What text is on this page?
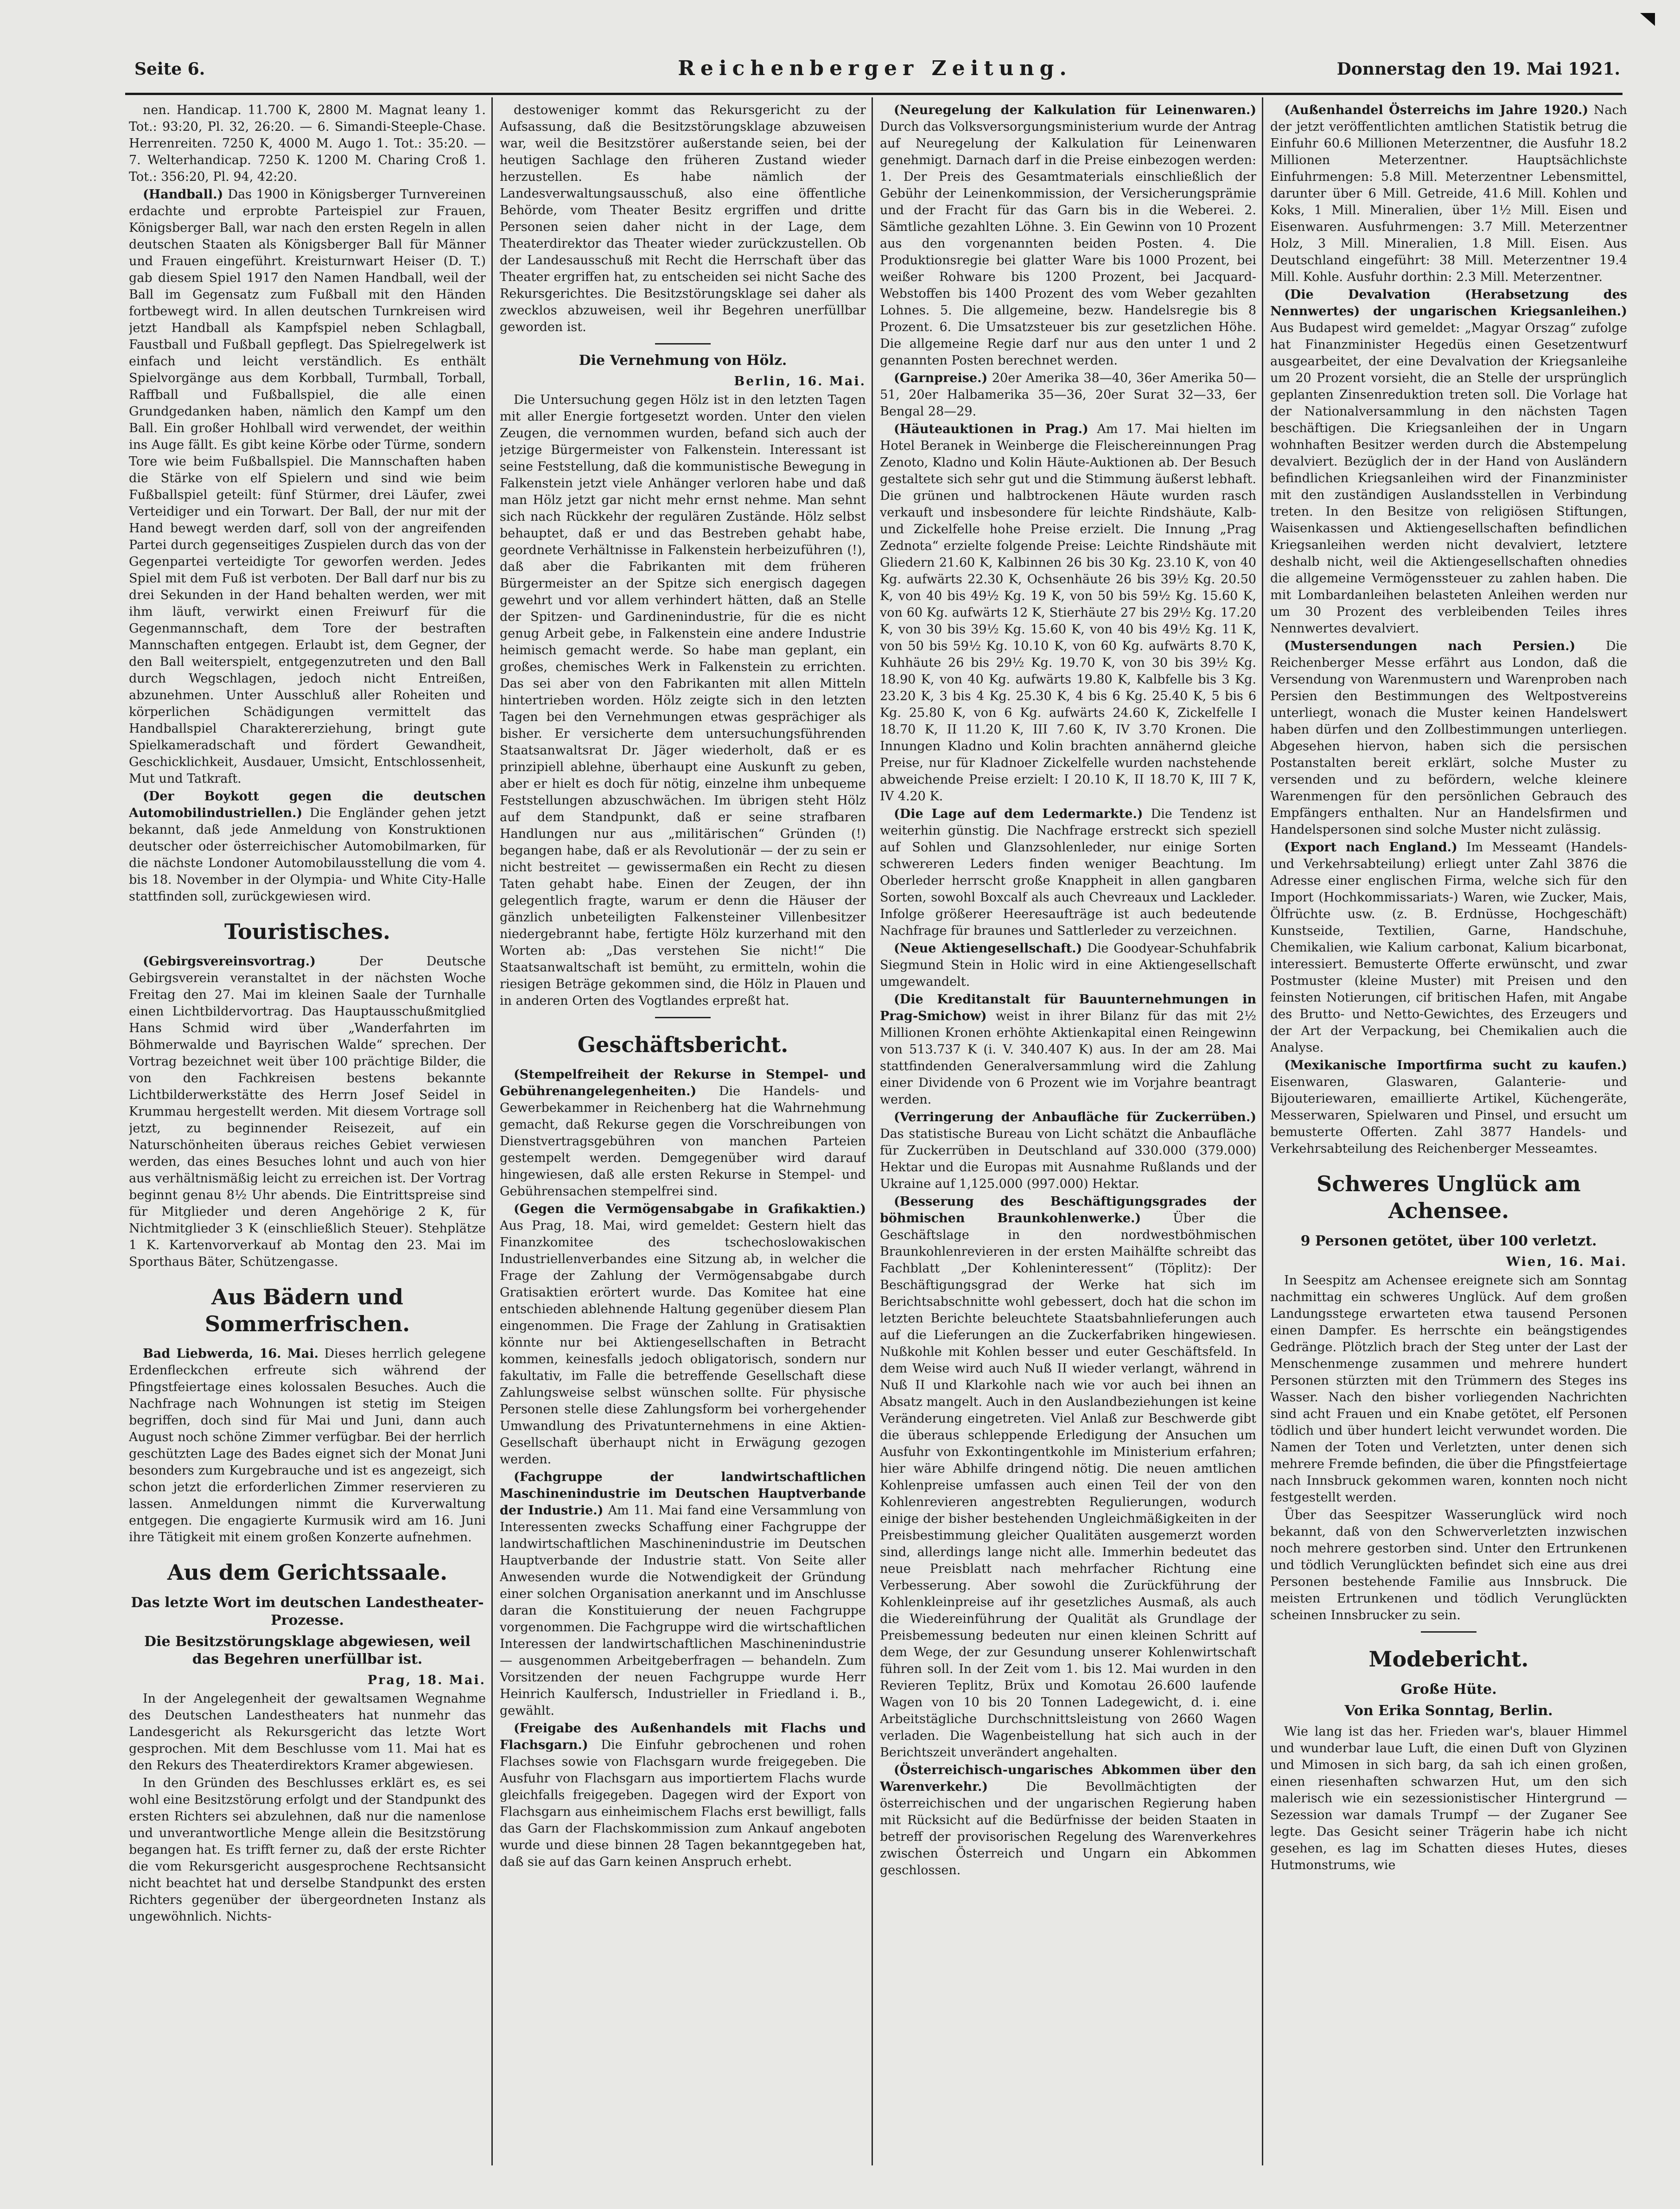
Seite 6.	Reichenberger Zeitung.	Donnerstag den 19. Mai 1921.

nen. Handicap. 11.700 K, 2800 M. Magnat leany 1. Tot.: 93:20, Pl. 32, 26:20. — 6. Simandi-Steeple-Chase. Herrenreiten. 7250 K, 4000 M. Augo 1. Tot.: 35:20. — 7. Welterhandicap. 7250 K. 1200 M. Charing Croß 1. Tot.: 356:20, Pl. 94, 42:20.

(Handball.) Das 1900 in Königsberger Turnvereinen erdachte und erprobte Parteispiel zur Frauen, Königsberger Ball, war nach den ersten Regeln in allen deutschen Staaten als Königsberger Ball für Männer und Frauen eingeführt. Kreisturnwart Heiser (D. T.) gab diesem Spiel 1917 den Namen Handball, weil der Ball im Gegensatz zum Fußball mit den Händen fortbewegt wird. In allen deutschen Turnkreisen wird jetzt Handball als Kampfspiel neben Schlagball, Faustball und Fußball gepflegt. Das Spielregelwerk ist einfach und leicht verständlich. Es enthält Spielvorgänge aus dem Korbball, Turmball, Torball, Raffball und Fußballspiel, die alle einen Grundgedanken haben, nämlich den Kampf um den Ball. Ein großer Hohlball wird verwendet, der weithin ins Auge fällt. Es gibt keine Körbe oder Türme, sondern Tore wie beim Fußballspiel. Die Mannschaften haben die Stärke von elf Spielern und sind wie beim Fußballspiel geteilt: fünf Stürmer, drei Läufer, zwei Verteidiger und ein Torwart. Der Ball, der nur mit der Hand bewegt werden darf, soll von der angreifenden Partei durch gegenseitiges Zuspielen durch das von der Gegenpartei verteidigte Tor geworfen werden. Jedes Spiel mit dem Fuß ist verboten. Der Ball darf nur bis zu drei Sekunden in der Hand behalten werden, wer mit ihm läuft, verwirkt einen Freiwurf für die Gegenmannschaft, dem Tore der bestraften Mannschaften entgegen. Erlaubt ist, dem Gegner, der den Ball weiterspielt, entgegenzutreten und den Ball durch Wegschlagen, jedoch nicht Entreißen, abzunehmen. Unter Ausschluß aller Roheiten und körperlichen Schädigungen vermittelt das Handballspiel Charaktererziehung, bringt gute Spielkameradschaft und fördert Gewandheit, Geschicklichkeit, Ausdauer, Umsicht, Entschlossenheit, Mut und Tatkraft.

(Der Boykott gegen die deutschen Automobilindustriellen.) Die Engländer gehen jetzt bekannt, daß jede Anmeldung von Konstruktionen deutscher oder österreichischer Automobilmarken, für die nächste Londoner Automobilausstellung die vom 4. bis 18. November in der Olympia- und White City-Halle stattfinden soll, zurückgewiesen wird.

Touristisches.

(Gebirgsvereinsvortrag.)	Der Deutsche Gebirgsverein veranstaltet in der nächsten Woche Freitag den 27. Mai im kleinen Saale der Turnhalle einen Lichtbildervortrag. Das Hauptausschußmitglied Hans Schmid wird über „Wanderfahrten im Böhmerwalde und Bayrischen Walde“ sprechen. Der Vortrag bezeichnet weit über 100 prächtige Bilder, die von den Fachkreisen bestens bekannte Lichtbilderwerkstätte des Herrn Josef Seidel in Krummau hergestellt werden. Mit diesem Vortrage soll jetzt, zu beginnender Reisezeit, auf ein Naturschönheiten überaus reiches Gebiet verwiesen werden, das eines Besuches lohnt und auch von hier aus verhältnismäßig leicht zu erreichen ist. Der Vortrag beginnt genau 8½ Uhr abends. Die Eintrittspreise sind für Mitglieder und deren Angehörige 2 K, für Nichtmitglieder 3 K (einschließlich Steuer). Stehplätze 1 K. Kartenvorverkauf ab Montag den 23. Mai im Sporthaus Bäter, Schützengasse.

Aus Bädern und Sommerfrischen.

Bad Liebwerda, 16. Mai. Dieses herrlich gelegene Erdenfleckchen erfreute sich während der Pfingstfeiertage eines kolossalen Besuches. Auch die Nachfrage nach Wohnungen ist stetig im Steigen begriffen, doch sind für Mai und Juni, dann auch August noch schöne Zimmer verfügbar. Bei der herrlich geschützten Lage des Bades eignet sich der Monat Juni besonders zum Kurgebrauche und ist es angezeigt, sich schon jetzt die erforderlichen Zimmer reservieren zu lassen. Anmeldungen nimmt die Kurverwaltung entgegen. Die engagierte Kurmusik wird am 16. Juni ihre Tätigkeit mit einem großen Konzerte aufnehmen.

Aus dem Gerichtssaale.
Das letzte Wort im deutschen Landestheater-Prozesse.
Die Besitzstörungsklage abgewiesen, weil das Begehren unerfüllbar ist.
Prag, 18. Mai.

In der Angelegenheit der gewaltsamen Wegnahme des Deutschen Landestheaters hat nunmehr das Landesgericht als Rekursgericht das letzte Wort gesprochen. Mit dem Beschlusse vom 11. Mai hat es den Rekurs des Theaterdirektors Kramer abgewiesen.

In den Gründen des Beschlusses erklärt es, es sei wohl eine Besitzstörung erfolgt und der Standpunkt des ersten Richters sei abzulehnen, daß nur die namenlose und unverantwortliche Menge allein die Besitzstörung begangen hat. Es trifft ferner zu, daß der erste Richter die vom Rekursgericht ausgesprochene Rechtsansicht nicht beachtet hat und derselbe Standpunkt des ersten Richters gegenüber der übergeordneten Instanz als ungewöhnlich. Nichts-

destoweniger kommt das Rekursgericht zu der Aufsassung, daß die Besitzstörungsklage abzuweisen war, weil die Besitzstörer außerstande seien, bei der heutigen Sachlage den früheren Zustand wieder herzustellen. Es habe nämlich der Landesverwaltungsausschuß, also eine öffentliche Behörde, vom Theater Besitz ergriffen und dritte Personen seien daher nicht in der Lage, dem Theaterdirektor das Theater wieder zurückzustellen. Ob der Landesausschuß mit Recht die Herrschaft über das Theater ergriffen hat, zu entscheiden sei nicht Sache des Rekursgerichtes. Die Besitzstörungsklage sei daher als zwecklos abzuweisen, weil ihr Begehren unerfüllbar geworden ist.

Die Vernehmung von Hölz.
Berlin, 16. Mai.

Die Untersuchung gegen Hölz ist in den letzten Tagen mit aller Energie fortgesetzt worden. Unter den vielen Zeugen, die vernommen wurden, befand sich auch der jetzige Bürgermeister von Falkenstein. Interessant ist seine Feststellung, daß die kommunistische Bewegung in Falkenstein jetzt viele Anhänger verloren habe und daß man Hölz jetzt gar nicht mehr ernst nehme. Man sehnt sich nach Rückkehr der regulären Zustände. Hölz selbst behauptet, daß er und das Bestreben gehabt habe, geordnete Verhältnisse in Falkenstein herbeizuführen (!), daß aber die Fabrikanten mit dem früheren Bürgermeister an der Spitze sich energisch dagegen gewehrt und vor allem verhindert hätten, daß an Stelle der Spitzen- und Gardinenindustrie, für die es nicht genug Arbeit gebe, in Falkenstein eine andere Industrie heimisch gemacht werde. So habe man geplant, ein großes, chemisches Werk in Falkenstein zu errichten. Das sei aber von den Fabrikanten mit allen Mitteln hintertrieben worden. Hölz zeigte sich in den letzten Tagen bei den Vernehmungen etwas gesprächiger als bisher. Er versicherte dem untersuchungsführenden Staatsanwaltsrat Dr. Jäger wiederholt, daß er es prinzipiell ablehne, überhaupt eine Auskunft zu geben, aber er hielt es doch für nötig, einzelne ihm unbequeme Feststellungen abzuschwächen. Im übrigen steht Hölz auf dem Standpunkt, daß er seine strafbaren Handlungen nur aus „militärischen“ Gründen (!) begangen habe, daß er als Revolutionär — der zu sein er nicht bestreitet — gewissermaßen ein Recht zu diesen Taten gehabt habe. Einen der Zeugen, der ihn gelegentlich fragte, warum er denn die Häuser der gänzlich unbeteiligten Falkensteiner Villenbesitzer niedergebrannt habe, fertigte Hölz kurzerhand mit den Worten ab: „Das verstehen Sie nicht!“ Die Staatsanwaltschaft ist bemüht, zu ermitteln, wohin die riesigen Beträge gekommen sind, die Hölz in Plauen und in anderen Orten des Vogtlandes erpreßt hat.

Geschäftsbericht.

(Stempelfreiheit der Rekurse in Stempel- und Gebührenangelegenheiten.) Die Handels- und Gewerbekammer in Reichenberg hat die Wahrnehmung gemacht, daß Rekurse gegen die Vorschreibungen von Dienstvertragsgebühren von manchen Parteien gestempelt werden. Demgegenüber wird darauf hingewiesen, daß alle ersten Rekurse in Stempel- und Gebührensachen stempelfrei sind.

(Gegen die Vermögensabgabe in Grafikaktien.) Aus Prag, 18. Mai, wird gemeldet: Gestern hielt das Finanzkomitee des tschechoslowakischen Industriellenverbandes eine Sitzung ab, in welcher die Frage der Zahlung der Vermögensabgabe durch Gratisaktien erörtert wurde. Das Komitee hat eine entschieden ablehnende Haltung gegenüber diesem Plan eingenommen. Die Frage der Zahlung in Gratisaktien könnte nur bei Aktiengesellschaften in Betracht kommen, keinesfalls jedoch obligatorisch, sondern nur fakultativ, im Falle die betreffende Gesellschaft diese Zahlungsweise selbst wünschen sollte. Für physische Personen stelle diese Zahlungsform bei vorhergehender Umwandlung des Privatunternehmens in eine Aktien-Gesellschaft überhaupt nicht in Erwägung gezogen werden.

(Fachgruppe der landwirtschaftlichen Maschinenindustrie im Deutschen Hauptverbande der Industrie.) Am 11. Mai fand eine Versammlung von Interessenten zwecks Schaffung einer Fachgruppe der landwirtschaftlichen Maschinenindustrie im Deutschen Hauptverbande der Industrie statt. Von Seite aller Anwesenden wurde die Notwendigkeit der Gründung einer solchen Organisation anerkannt und im Anschlusse daran die Konstituierung der neuen Fachgruppe vorgenommen. Die Fachgruppe wird die wirtschaftlichen Interessen der landwirtschaftlichen Maschinenindustrie — ausgenommen Arbeitgeberfragen — behandeln. Zum Vorsitzenden der neuen Fachgruppe wurde Herr Heinrich Kaulfersch, Industrieller in Friedland i. B., gewählt.

(Freigabe des Außenhandels mit Flachs und Flachsgarn.) Die Einfuhr gebrochenen und rohen Flachses sowie von Flachsgarn wurde freigegeben. Die Ausfuhr von Flachsgarn aus importiertem Flachs wurde gleichfalls freigegeben. Dagegen wird der Export von Flachsgarn aus einheimischem Flachs erst bewilligt, falls das Garn der Flachskommission zum Ankauf angeboten wurde und diese binnen 28 Tagen bekanntgegeben hat, daß sie auf das Garn keinen Anspruch erhebt.

(Neuregelung der Kalkulation für Leinenwaren.) Durch das Volksversorgungsministerium wurde der Antrag auf Neuregelung der Kalkulation für Leinenwaren genehmigt. Darnach darf in die Preise einbezogen werden: 1. Der Preis des Gesamtmaterials einschließlich der Gebühr der Leinenkommission, der Versicherungsprämie und der Fracht für das Garn bis in die Weberei. 2. Sämtliche gezahlten Löhne. 3. Ein Gewinn von 10 Prozent aus den vorgenannten beiden Posten. 4. Die Produktionsregie bei glatter Ware bis 1000 Prozent, bei weißer Rohware bis 1200 Prozent, bei Jacquard-Webstoffen bis 1400 Prozent des vom Weber gezahlten Lohnes. 5. Die allgemeine, bezw. Handelsregie bis 8 Prozent. 6. Die Umsatzsteuer bis zur gesetzlichen Höhe. Die allgemeine Regie darf nur aus den unter 1 und 2 genannten Posten berechnet werden.

(Garnpreise.) 20er Amerika 38—40, 36er Amerika 50—51, 20er Halbamerika 35—36, 20er Surat 32—33, 6er Bengal 28—29.

(Häuteauktionen in Prag.) Am 17. Mai hielten im Hotel Beranek in Weinberge die Fleischereinnungen Prag Zenoto, Kladno und Kolin Häute-Auktionen ab. Der Besuch gestaltete sich sehr gut und die Stimmung äußerst lebhaft. Die grünen und halbtrockenen Häute wurden rasch verkauft und insbesondere für leichte Rindshäute, Kalb- und Zickelfelle hohe Preise erzielt. Die Innung „Prag Zednota“ erzielte folgende Preise: Leichte Rindshäute mit Gliedern 21.60 K, Kalbinnen 26 bis 30 Kg. 23.10 K, von 40 Kg. aufwärts 22.30 K, Ochsenhäute 26 bis 39½ Kg. 20.50 K, von 40 bis 49½ Kg. 19 K, von 50 bis 59½ Kg. 15.60 K, von 60 Kg. aufwärts 12 K, Stierhäute 27 bis 29½ Kg. 17.20 K, von 30 bis 39½ Kg. 15.60 K, von 40 bis 49½ Kg. 11 K, von 50 bis 59½ Kg. 10.10 K, von 60 Kg. aufwärts 8.70 K, Kuhhäute 26 bis 29½ Kg. 19.70 K, von 30 bis 39½ Kg. 18.90 K, von 40 Kg. aufwärts 19.80 K, Kalbfelle bis 3 Kg. 23.20 K, 3 bis 4 Kg. 25.30 K, 4 bis 6 Kg. 25.40 K, 5 bis 6 Kg. 25.80 K, von 6 Kg. aufwärts 24.60 K, Zickelfelle I 18.70 K, II 11.20 K, III 7.60 K, IV 3.70 Kronen. Die Innungen Kladno und Kolin brachten annähernd gleiche Preise, nur für Kladnoer Zickelfelle wurden nachstehende abweichende Preise erzielt: I 20.10 K, II 18.70 K, III 7 K, IV 4.20 K.

(Die Lage auf dem Ledermarkte.) Die Tendenz ist weiterhin günstig. Die Nachfrage erstreckt sich speziell auf Sohlen und Glanzsohlenleder, nur einige Sorten schwereren Leders finden weniger Beachtung. Im Oberleder herrscht große Knappheit in allen gangbaren Sorten, sowohl Boxcalf als auch Chevreaux und Lackleder. Infolge größerer Heeresaufträge ist auch bedeutende Nachfrage für braunes und Sattlerleder zu verzeichnen.

(Neue Aktiengesellschaft.) Die Goodyear-Schuhfabrik Siegmund Stein in Holic wird in eine Aktiengesellschaft umgewandelt.

(Die Kreditanstalt für Bauunternehmungen in Prag-Smichow) weist in ihrer Bilanz für das mit 2½ Millionen Kronen erhöhte Aktienkapital einen Reingewinn von 513.737 K (i. V. 340.407 K) aus. In der am 28. Mai stattfindenden Generalversammlung wird die Zahlung einer Dividende von 6 Prozent wie im Vorjahre beantragt werden.

(Verringerung der Anbaufläche für Zuckerrüben.) Das statistische Bureau von Licht schätzt die Anbaufläche für Zuckerrüben in Deutschland auf 330.000 (379.000) Hektar und die Europas mit Ausnahme Rußlands und der Ukraine auf 1,125.000 (997.000) Hektar.

(Besserung des Beschäftigungsgrades der böhmischen Braunkohlenwerke.)	Über die Geschäftslage in den nordwestböhmischen Braunkohlenrevieren in der ersten Maihälfte schreibt das Fachblatt „Der Kohleninteressent“ (Töplitz): Der Beschäftigungsgrad der Werke hat sich im Berichtsabschnitte wohl gebessert, doch hat die schon im letzten Berichte beleuchtete Staatsbahnlieferungen auch auf die Lieferungen an die Zuckerfabriken hingewiesen. Nußkohle mit Kohlen besser und euter Geschäftsfeld. In dem Weise wird auch Nuß II wieder verlangt, während in Nuß II und Klarkohle nach wie vor auch bei ihnen an Absatz mangelt. Auch in den Auslandbeziehungen ist keine Veränderung eingetreten. Viel Anlaß zur Beschwerde gibt die überaus schleppende Erledigung der Ansuchen um Ausfuhr von Exkontingentkohle im Ministerium erfahren; hier wäre Abhilfe dringend nötig. Die neuen amtlichen Kohlenpreise umfassen auch einen Teil der von den Kohlenrevieren angestrebten Regulierungen, wodurch einige der bisher bestehenden Ungleichmäßigkeiten in der Preisbestimmung gleicher Qualitäten ausgemerzt worden sind, allerdings lange nicht alle. Immerhin bedeutet das neue Preisblatt nach mehrfacher Richtung eine Verbesserung. Aber sowohl die Zurückführung der Kohlenkleinpreise auf ihr gesetzliches Ausmaß, als auch die Wiedereinführung der Qualität als Grundlage der Preisbemessung bedeuten nur einen kleinen Schritt auf dem Wege, der zur Gesundung unserer Kohlenwirtschaft führen soll. In der Zeit vom 1. bis 12. Mai wurden in den Revieren Teplitz, Brüx und Komotau 26.600 laufende Wagen von 10 bis 20 Tonnen Ladegewicht, d. i. eine Arbeitstägliche Durchschnittsleistung von 2660 Wagen verladen. Die Wagenbeistellung hat sich auch in der Berichtszeit unverändert angehalten.

(Österreichisch-ungarisches Abkommen über den Warenverkehr.)	Die Bevollmächtigten der österreichischen und der ungarischen Regierung haben mit Rücksicht auf die Bedürfnisse der beiden Staaten in betreff der provisorischen Regelung des Warenverkehres zwischen Österreich und Ungarn ein Abkommen geschlossen.

(Außenhandel Österreichs im Jahre 1920.) Nach der jetzt veröffentlichten amtlichen Statistik betrug die Einfuhr 60.6 Millionen Meterzentner, die Ausfuhr 18.2 Millionen Meterzentner. Hauptsächlichste Einfuhrmengen: 5.8 Mill. Meterzentner Lebensmittel, darunter über 6 Mill. Getreide, 41.6 Mill. Kohlen und Koks, 1 Mill. Mineralien, über 1½ Mill. Eisen und Eisenwaren. Ausfuhrmengen: 3.7 Mill. Meterzentner Holz, 3 Mill. Mineralien, 1.8 Mill. Eisen. Aus Deutschland eingeführt: 38 Mill. Meterzentner 19.4 Mill. Kohle. Ausfuhr dorthin: 2.3 Mill. Meterzentner.

(Die Devalvation (Herabsetzung des Nennwertes) der ungarischen Kriegsanleihen.) Aus Budapest wird gemeldet: „Magyar Orszag“ zufolge hat Finanzminister Hegedüs einen Gesetzentwurf ausgearbeitet, der eine Devalvation der Kriegsanleihe um 20 Prozent vorsieht, die an Stelle der ursprünglich geplanten Zinsenreduktion treten soll. Die Vorlage hat der Nationalversammlung in den nächsten Tagen beschäftigen. Die Kriegsanleihen der in Ungarn wohnhaften Besitzer werden durch die Abstempelung devalviert. Bezüglich der in der Hand von Ausländern befindlichen Kriegsanleihen wird der Finanzminister mit den zuständigen Auslandsstellen in Verbindung treten. In den Besitze von religiösen Stiftungen, Waisenkassen und Aktiengesellschaften befindlichen Kriegsanleihen werden nicht devalviert, letztere deshalb nicht, weil die Aktiengesellschaften ohnedies die allgemeine Vermögenssteuer zu zahlen haben. Die mit Lombardanleihen belasteten Anleihen werden nur um 30 Prozent des verbleibenden Teiles ihres Nennwertes devalviert.

(Mustersendungen nach Persien.) Die Reichenberger Messe erfährt aus London, daß die Versendung von Warenmustern und Warenproben nach Persien den Bestimmungen des Weltpostvereins unterliegt, wonach die Muster keinen Handelswert haben dürfen und den Zollbestimmungen unterliegen. Abgesehen hiervon, haben sich die persischen Postanstalten bereit erklärt, solche Muster zu versenden und zu befördern, welche kleinere Warenmengen für den persönlichen Gebrauch des Empfängers enthalten. Nur an Handelsfirmen und Handelspersonen sind solche Muster nicht zulässig.

(Export nach England.) Im Messeamt (Handels- und Verkehrsabteilung) erliegt unter Zahl 3876 die Adresse einer englischen Firma, welche sich für den Import (Hochkommissariats-) Waren, wie Zucker, Mais, Ölfrüchte usw. (z. B. Erdnüsse, Hochgeschäft) Kunstseide, Textilien, Garne, Handschuhe, Chemikalien, wie Kalium carbonat, Kalium bicarbonat, interessiert. Bemusterte Offerte erwünscht, und zwar Postmuster (kleine Muster) mit Preisen und den feinsten Notierungen, cif britischen Hafen, mit Angabe des Brutto- und Netto-Gewichtes, des Erzeugers und der Art der Verpackung, bei Chemikalien auch die Analyse.

(Mexikanische Importfirma sucht zu kaufen.) Eisenwaren, Glaswaren, Galanterie- und Bijouteriewaren, emaillierte Artikel, Küchengeräte, Messerwaren, Spielwaren und Pinsel, und ersucht um bemusterte Offerten. Zahl 3877 Handels- und Verkehrsabteilung des Reichenberger Messeamtes.

Schweres Unglück am Achensee.
9 Personen getötet, über 100 verletzt.
Wien, 16. Mai.

In Seespitz am Achensee ereignete sich am Sonntag nachmittag ein schweres Unglück. Auf dem großen Landungsstege erwarteten etwa tausend Personen einen Dampfer. Es herrschte ein beängstigendes Gedränge. Plötzlich brach der Steg unter der Last der Menschenmenge zusammen und mehrere hundert Personen stürzten mit den Trümmern des Steges ins Wasser. Nach den bisher vorliegenden Nachrichten sind acht Frauen und ein Knabe getötet, elf Personen tödlich und über hundert leicht verwundet worden. Die Namen der Toten und Verletzten, unter denen sich mehrere Fremde befinden, die über die Pfingstfeiertage nach Innsbruck gekommen waren, konnten noch nicht festgestellt werden.

Über das Seespitzer Wasserunglück wird noch bekannt, daß von den Schwerverletzten inzwischen noch mehrere gestorben sind. Unter den Ertrunkenen und tödlich Verunglückten befindet sich eine aus drei Personen bestehende Familie aus Innsbruck. Die meisten Ertrunkenen und tödlich Verunglückten scheinen Innsbrucker zu sein.

Modebericht.
Große Hüte.
Von Erika Sonntag, Berlin.

Wie lang ist das her. Frieden war's, blauer Himmel und wunderbar laue Luft, die einen Duft von Glyzinen und Mimosen in sich barg, da sah ich einen großen, einen riesenhaften schwarzen Hut, um den sich malerisch wie ein sezessionistischer Hintergrund — Sezession war damals Trumpf — der Zuganer See legte. Das Gesicht seiner Trägerin habe ich nicht gesehen, es lag im Schatten dieses Hutes, dieses Hutmonstrums, wie
